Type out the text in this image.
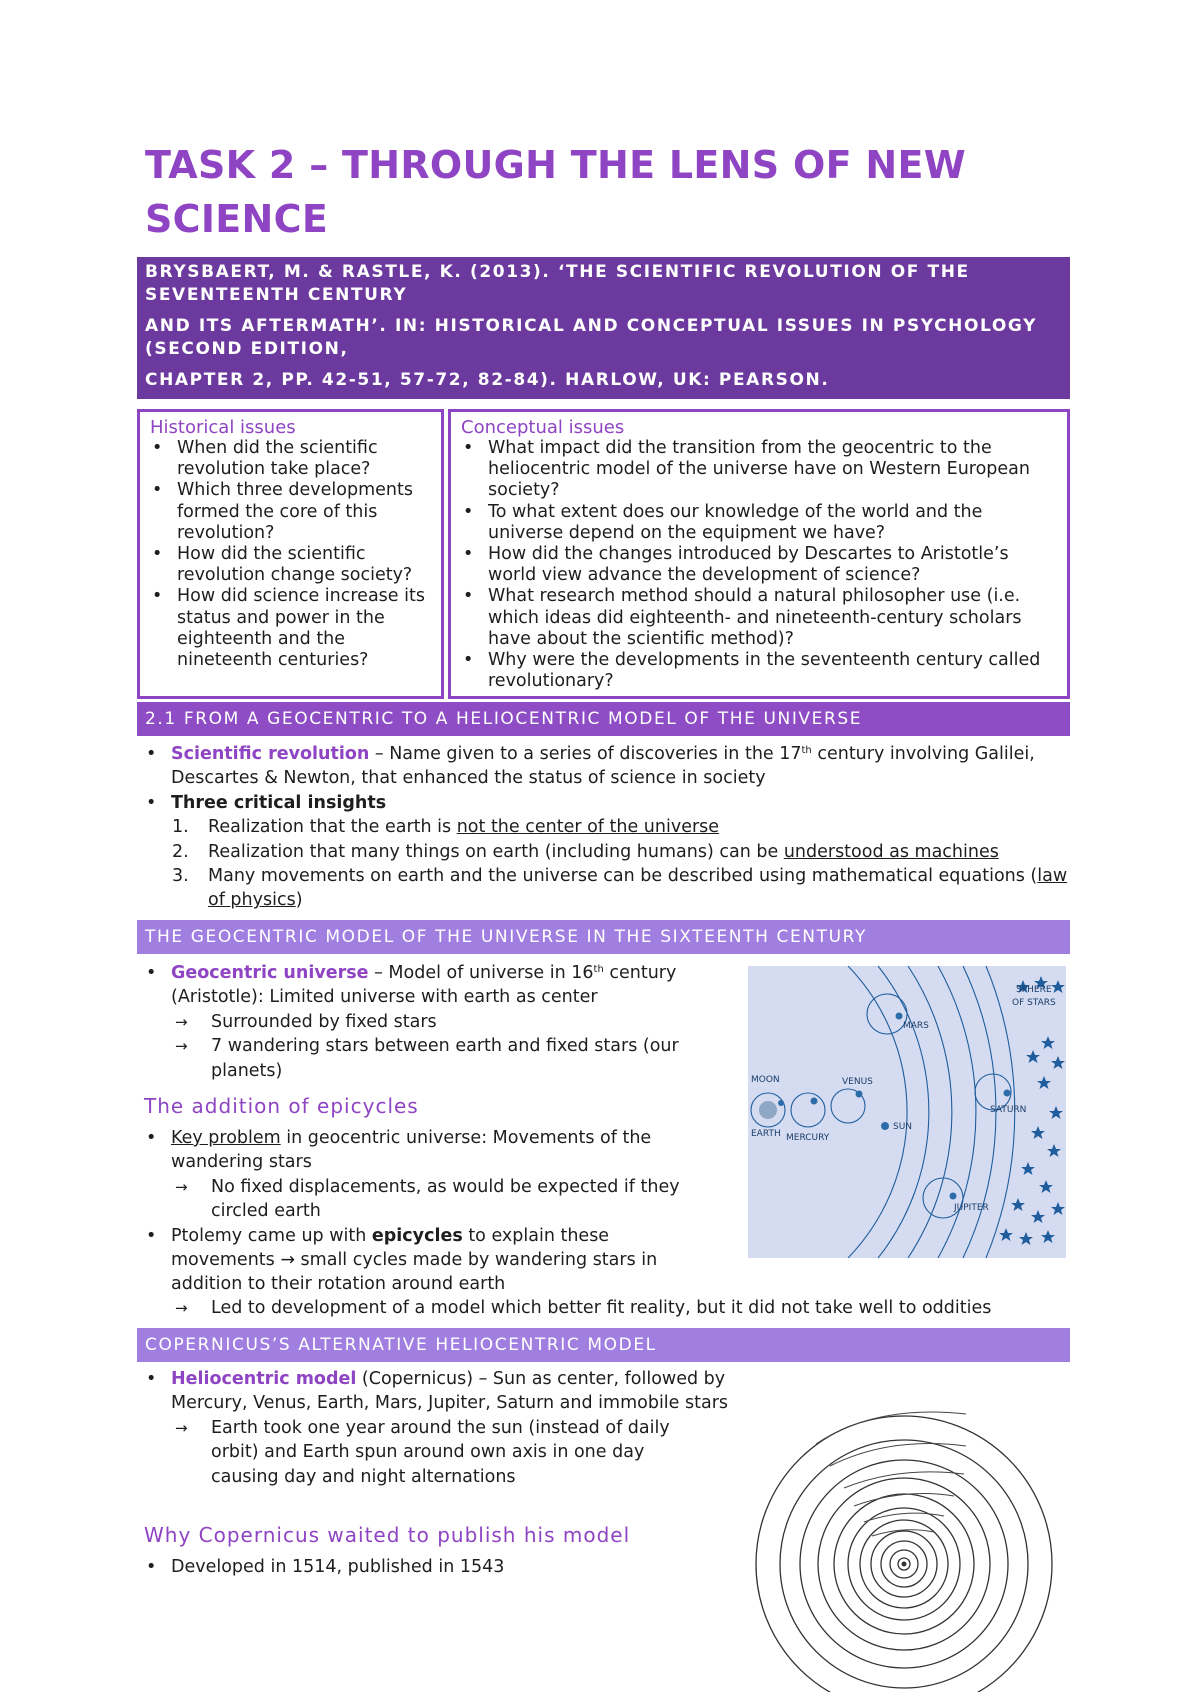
TASK 2 – THROUGH THE LENS OF NEW SCIENCE

BRYSBAERT, M. & RASTLE, K. (2013). ‘THE SCIENTIFIC REVOLUTION OF THE SEVENTEENTH CENTURY

AND ITS AFTERMATH’. IN: HISTORICAL AND CONCEPTUAL ISSUES IN PSYCHOLOGY (SECOND EDITION,

CHAPTER 2, PP. 42-51, 57-72, 82-84). HARLOW, UK: PEARSON.

Historical issues
• When did the scientific revolution take place?
• Which three developments formed the core of this revolution?
• How did the scientific revolution change society?
• How did science increase its status and power in the eighteenth and the nineteenth centuries?
Conceptual issues
• What impact did the transition from the geocentric to the heliocentric model of the universe have on Western European society?
• To what extent does our knowledge of the world and the universe depend on the equipment we have?
• How did the changes introduced by Descartes to Aristotle’s world view advance the development of science?
• What research method should a natural philosopher use (i.e. which ideas did eighteenth- and nineteenth-century scholars have about the scientific method)?
• Why were the developments in the seventeenth century called revolutionary?
2.1 FROM A GEOCENTRIC TO A HELIOCENTRIC MODEL OF THE UNIVERSE
• Scientific revolution – Name given to a series of discoveries in the 17th century involving Galilei, Descartes & Newton, that enhanced the status of science in society
• Three critical insights
1. Realization that the earth is not the center of the universe
2. Realization that many things on earth (including humans) can be understood as machines
3. Many movements on earth and the universe can be described using mathematical equations (law of physics)
THE GEOCENTRIC MODEL OF THE UNIVERSE IN THE SIXTEENTH CENTURY
• Geocentric universe – Model of universe in 16th century (Aristotle): Limited universe with earth as center
→ Surrounded by fixed stars
→ 7 wandering stars between earth and fixed stars (our planets)
The addition of epicycles
• Key problem in geocentric universe: Movements of the wandering stars
→ No fixed displacements, as would be expected if they circled earth
• Ptolemy came up with epicycles to explain these movements → small cycles made by wandering stars in addition to their rotation around earth
→ Led to development of a model which better fit reality, but it did not take well to oddities
SPHERE
OF STARS
MARS
VENUS
MOON
SUN
SATURN
EARTH MERCURY
JUPITER
COPERNICUS’S ALTERNATIVE HELIOCENTRIC MODEL
• Heliocentric model (Copernicus) – Sun as center, followed by Mercury, Venus, Earth, Mars, Jupiter, Saturn and immobile stars
→ Earth took one year around the sun (instead of daily orbit) and Earth spun around own axis in one day causing day and night alternations
Why Copernicus waited to publish his model
• Developed in 1514, published in 1543
